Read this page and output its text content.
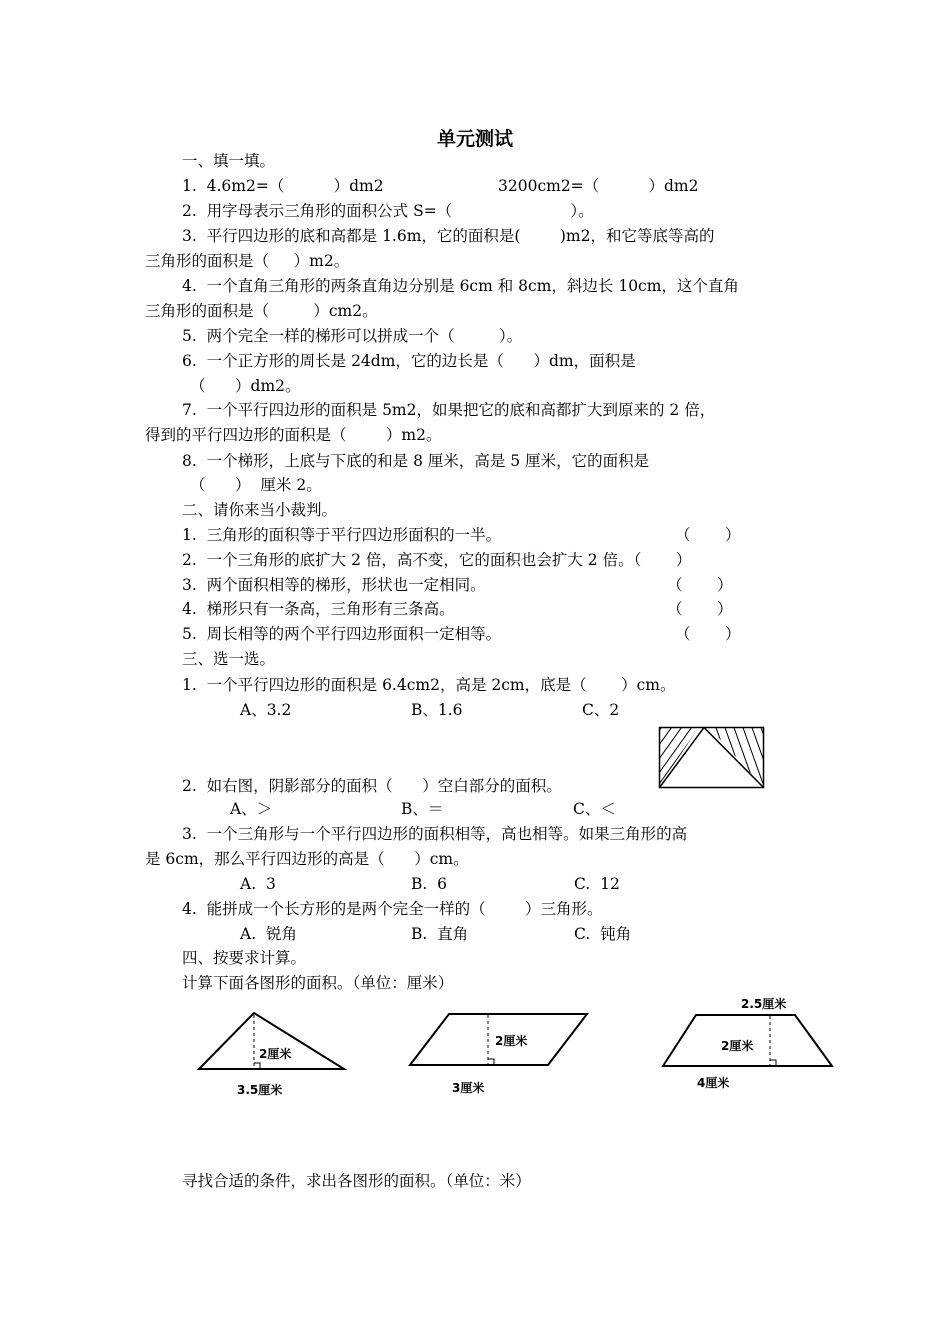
单元测试
一、填一填。
1.  4.6m2=（          ）dm2	3200cm2=（          ）dm2
2.  用字母表示三角形的面积公式 S=（                        ）。
3.  平行四边形的底和高都是 1.6m，它的面积是(        )m2，和它等底等高的
三角形的面积是（     ）m2。
4.  一个直角三角形的两条直角边分别是 6cm 和 8cm，斜边长 10cm，这个直角
三角形的面积是（         ）cm2。
5.  两个完全一样的梯形可以拼成一个（         ）。
6.  一个正方形的周长是 24dm，它的边长是（      ）dm，面积是
（      ）dm2。
7.  一个平行四边形的面积是 5m2，如果把它的底和高都扩大到原来的 2 倍，
得到的平行四边形的面积是（        ）m2。
8.  一个梯形，上底与下底的和是 8 厘米，高是 5 厘米，它的面积是
（      ）  厘米 2。
二、请你来当小裁判。
1.  三角形的面积等于平行四边形面积的一半。	（       ）
2.  一个三角形的底扩大 2 倍，高不变，它的面积也会扩大 2 倍。（       ）
3.  两个面积相等的梯形，形状也一定相同。	（       ）
4.  梯形只有一条高，三角形有三条高。	（       ）
5.  周长相等的两个平行四边形面积一定相等。	（       ）
三、选一选。
1.  一个平行四边形的面积是 6.4cm2，高是 2cm，底是（       ）cm。
A、3.2	B、1.6	C、2
2.  如右图，阴影部分的面积（      ）空白部分的面积。
A、＞	B、＝	C、＜
3.  一个三角形与一个平行四边形的面积相等，高也相等。如果三角形的高
是 6cm，那么平行四边形的高是（      ）cm。
A.  3	B.  6	C.  12
4.  能拼成一个长方形的是两个完全一样的（        ）三角形。
A.  锐角	B.  直角	C.  钝角
四、按要求计算。
计算下面各图形的面积。（单位：厘米）
2厘米
3.5厘米
2厘米
3厘米
2.5厘米
2厘米
4厘米
寻找合适的条件，求出各图形的面积。（单位：米）
